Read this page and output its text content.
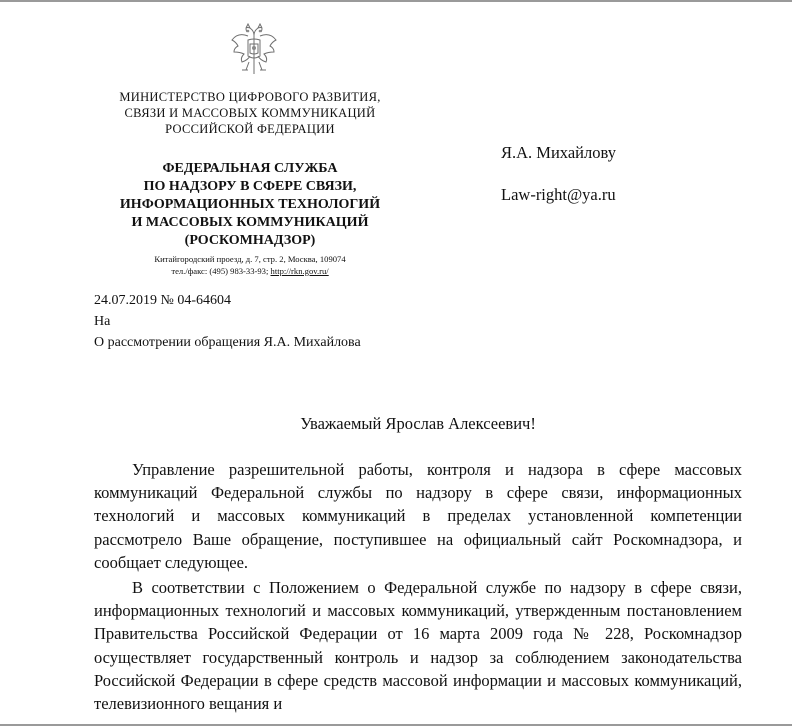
МИНИСТЕРСТВО ЦИФРОВОГО РАЗВИТИЯ,
СВЯЗИ И МАССОВЫХ КОММУНИКАЦИЙ
РОССИЙСКОЙ ФЕДЕРАЦИИ
ФЕДЕРАЛЬНАЯ СЛУЖБА
ПО НАДЗОРУ В СФЕРЕ СВЯЗИ,
ИНФОРМАЦИОННЫХ ТЕХНОЛОГИЙ
И МАССОВЫХ КОММУНИКАЦИЙ
(РОСКОМНАДЗОР)
Китайгородский проезд, д. 7, стр. 2, Москва, 109074
тел./факс: (495) 983-33-93; http://rkn.gov.ru/
Я.А. Михайлову
Law-right@ya.ru
24.07.2019 № 04-64604
На
О рассмотрении обращения Я.А. Михайлова
Уважаемый Ярослав Алексеевич!

Управление разрешительной работы, контроля и надзора в сфере массовых коммуникаций Федеральной службы по надзору в сфере связи, информационных технологий и массовых коммуникаций в пределах установленной компетенции рассмотрело Ваше обращение, поступившее на официальный сайт Роскомнадзора, и сообщает следующее.

В соответствии с Положением о Федеральной службе по надзору в сфере связи, информационных технологий и массовых коммуникаций, утвержденным постановлением Правительства Российской Федерации от 16 марта 2009 года № 228, Роскомнадзор осуществляет государственный контроль и надзор за соблюдением законодательства Российской Федерации в сфере средств массовой информации и массовых коммуникаций, телевизионного вещания и
